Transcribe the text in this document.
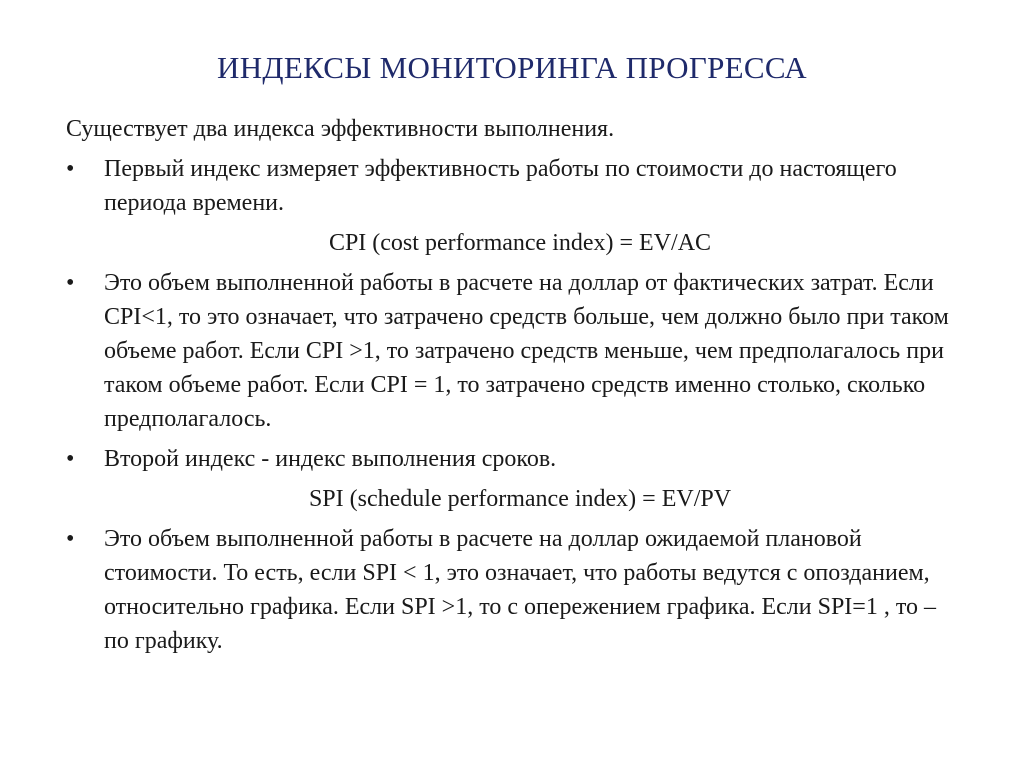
ИНДЕКСЫ МОНИТОРИНГА ПРОГРЕССА

Существует два индекса эффективности выполнения.

•	Первый индекс измеряет эффективность работы по стоимости до настоящего периода времени.
CPI (cost performance index) = EV/AC
•	Это объем выполненной работы в расчете на доллар от фактических затрат. Если CPI<1, то это означает, что затрачено средств больше, чем должно было при таком объеме работ. Если CPI >1, то затрачено средств меньше, чем предполагалось при таком объеме работ. Если CPI = 1, то затрачено средств именно столько, сколько предполагалось.
•	Второй индекс - индекс выполнения сроков.
SPI (schedule performance index) = EV/PV
•	Это объем выполненной работы в расчете на доллар ожидаемой плановой стоимости. То есть, если SPI < 1, это означает, что работы ведутся с опозданием, относительно графика. Если SPI >1, то с опережением графика. Если SPI=1 , то – по графику.
